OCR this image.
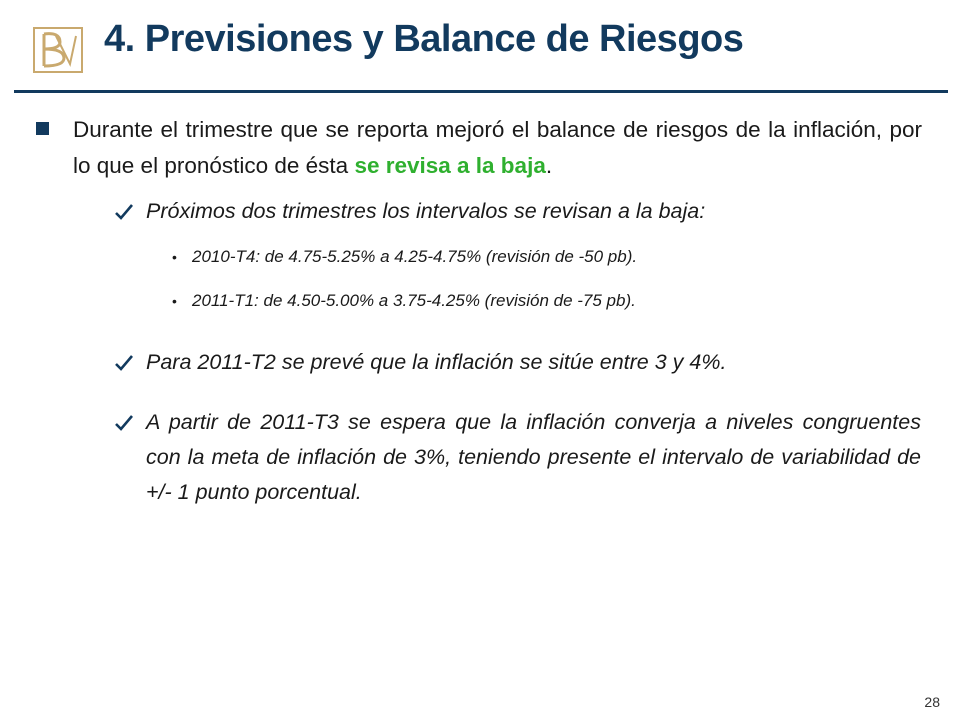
4. Previsiones y Balance de Riesgos
Durante el trimestre que se reporta mejoró el balance de riesgos de la inflación, por lo que el pronóstico de ésta se revisa a la baja.
Próximos dos trimestres los intervalos se revisan a la baja:
• 2010-T4: de 4.75-5.25% a 4.25-4.75% (revisión de -50 pb).
• 2011-T1: de 4.50-5.00% a 3.75-4.25% (revisión de -75 pb).
Para 2011-T2 se prevé que la inflación se sitúe entre 3 y 4%.
A partir de 2011-T3 se espera que la inflación converja a niveles congruentes con la meta de inflación de 3%, teniendo presente el intervalo de variabilidad de +/- 1 punto porcentual.
28
